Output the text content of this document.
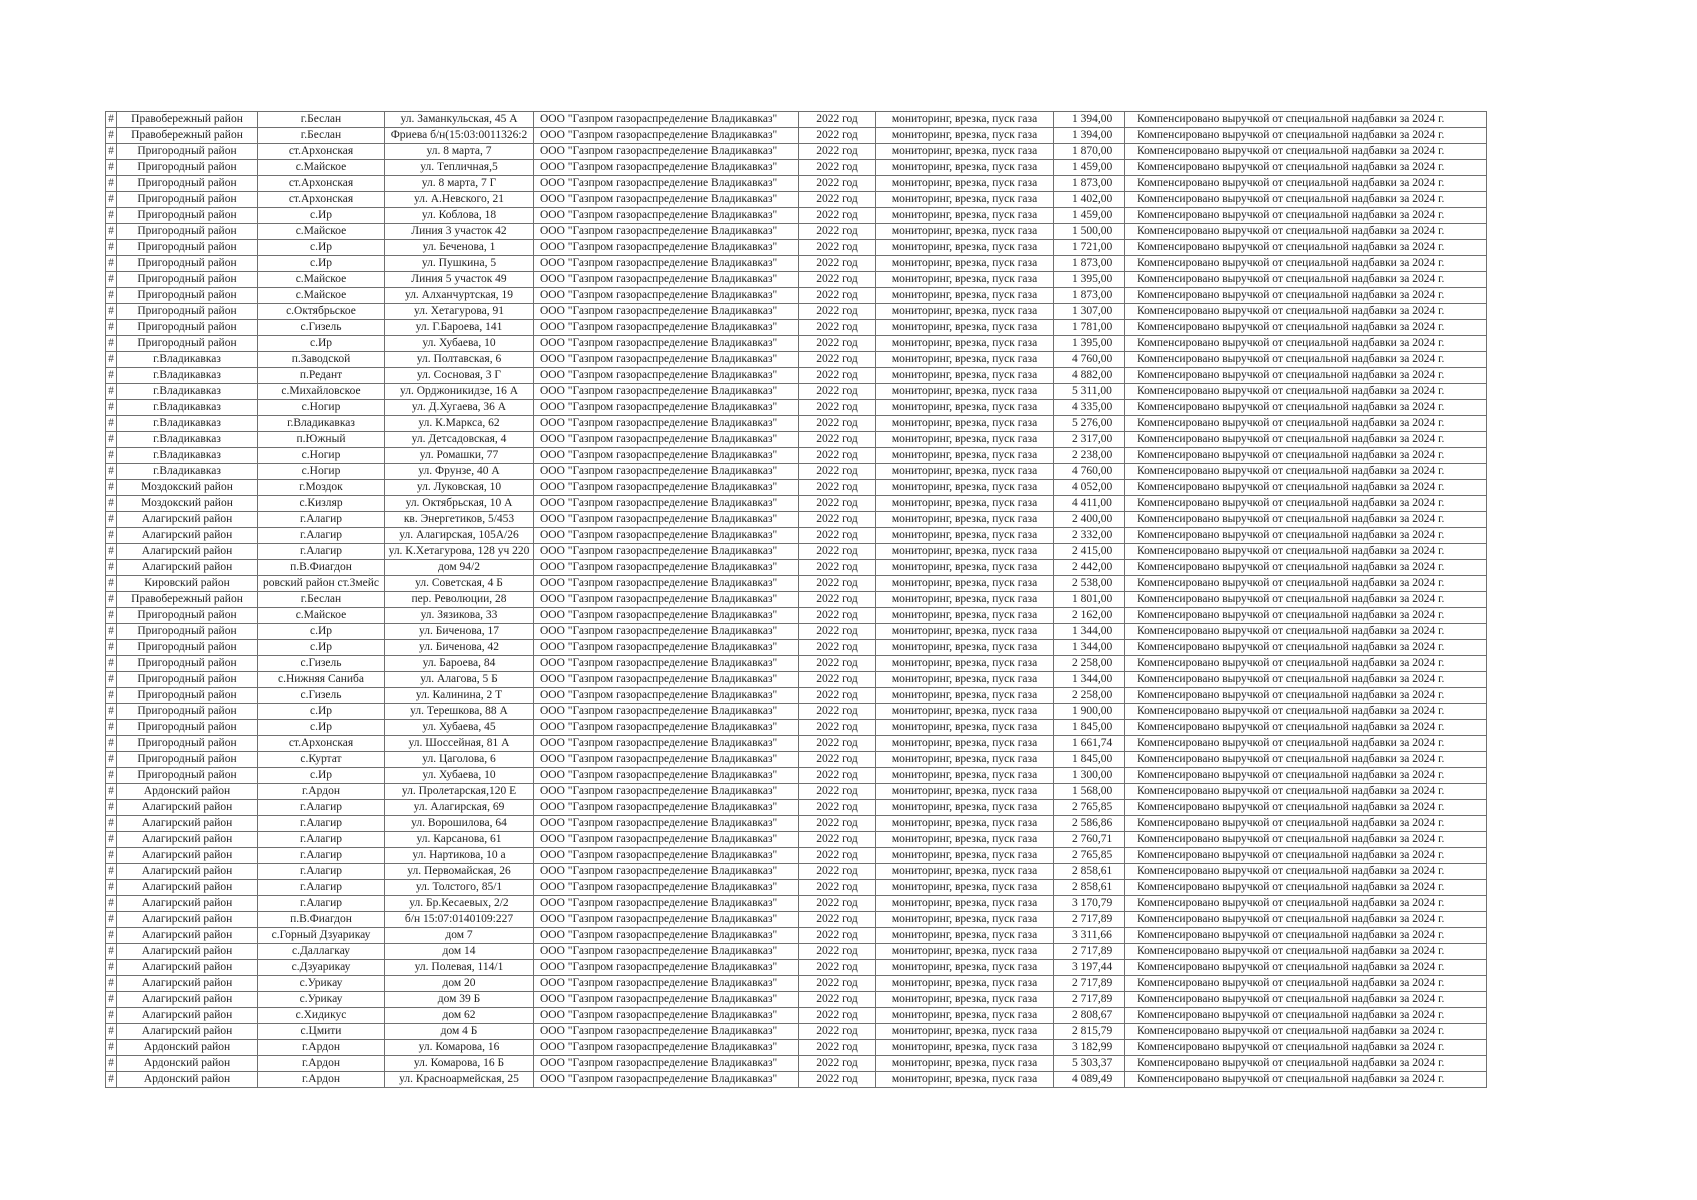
#	Правобережный район	г.Беслан	ул. Заманкульская, 45 А	ООО "Газпром газораспределение Владикавказ"	2022 год	мониторинг, врезка, пуск газа	1 394,00	Компенсировано выручкой от специальной надбавки за 2024 г.
#	Правобережный район	г.Беслан	Фриева б/н(15:03:0011326:2	ООО "Газпром газораспределение Владикавказ"	2022 год	мониторинг, врезка, пуск газа	1 394,00	Компенсировано выручкой от специальной надбавки за 2024 г.
#	Пригородный район	ст.Архонская	ул. 8 марта, 7	ООО "Газпром газораспределение Владикавказ"	2022 год	мониторинг, врезка, пуск газа	1 870,00	Компенсировано выручкой от специальной надбавки за 2024 г.
#	Пригородный район	с.Майское	ул. Тепличная,5	ООО "Газпром газораспределение Владикавказ"	2022 год	мониторинг, врезка, пуск газа	1 459,00	Компенсировано выручкой от специальной надбавки за 2024 г.
#	Пригородный район	ст.Архонская	ул. 8 марта, 7 Г	ООО "Газпром газораспределение Владикавказ"	2022 год	мониторинг, врезка, пуск газа	1 873,00	Компенсировано выручкой от специальной надбавки за 2024 г.
#	Пригородный район	ст.Архонская	ул. А.Невского, 21	ООО "Газпром газораспределение Владикавказ"	2022 год	мониторинг, врезка, пуск газа	1 402,00	Компенсировано выручкой от специальной надбавки за 2024 г.
#	Пригородный район	с.Ир	ул. Коблова, 18	ООО "Газпром газораспределение Владикавказ"	2022 год	мониторинг, врезка, пуск газа	1 459,00	Компенсировано выручкой от специальной надбавки за 2024 г.
#	Пригородный район	с.Майское	Линия 3 участок 42	ООО "Газпром газораспределение Владикавказ"	2022 год	мониторинг, врезка, пуск газа	1 500,00	Компенсировано выручкой от специальной надбавки за 2024 г.
#	Пригородный район	с.Ир	ул. Беченова, 1	ООО "Газпром газораспределение Владикавказ"	2022 год	мониторинг, врезка, пуск газа	1 721,00	Компенсировано выручкой от специальной надбавки за 2024 г.
#	Пригородный район	с.Ир	ул. Пушкина, 5	ООО "Газпром газораспределение Владикавказ"	2022 год	мониторинг, врезка, пуск газа	1 873,00	Компенсировано выручкой от специальной надбавки за 2024 г.
#	Пригородный район	с.Майское	Линия 5 участок 49	ООО "Газпром газораспределение Владикавказ"	2022 год	мониторинг, врезка, пуск газа	1 395,00	Компенсировано выручкой от специальной надбавки за 2024 г.
#	Пригородный район	с.Майское	ул. Алханчуртская, 19	ООО "Газпром газораспределение Владикавказ"	2022 год	мониторинг, врезка, пуск газа	1 873,00	Компенсировано выручкой от специальной надбавки за 2024 г.
#	Пригородный район	с.Октябрьское	ул. Хетагурова, 91	ООО "Газпром газораспределение Владикавказ"	2022 год	мониторинг, врезка, пуск газа	1 307,00	Компенсировано выручкой от специальной надбавки за 2024 г.
#	Пригородный район	с.Гизель	ул. Г.Бароева, 141	ООО "Газпром газораспределение Владикавказ"	2022 год	мониторинг, врезка, пуск газа	1 781,00	Компенсировано выручкой от специальной надбавки за 2024 г.
#	Пригородный район	с.Ир	ул. Хубаева, 10	ООО "Газпром газораспределение Владикавказ"	2022 год	мониторинг, врезка, пуск газа	1 395,00	Компенсировано выручкой от специальной надбавки за 2024 г.
#	г.Владикавказ	п.Заводской	ул. Полтавская, 6	ООО "Газпром газораспределение Владикавказ"	2022 год	мониторинг, врезка, пуск газа	4 760,00	Компенсировано выручкой от специальной надбавки за 2024 г.
#	г.Владикавказ	п.Редант	ул. Сосновая, 3 Г	ООО "Газпром газораспределение Владикавказ"	2022 год	мониторинг, врезка, пуск газа	4 882,00	Компенсировано выручкой от специальной надбавки за 2024 г.
#	г.Владикавказ	с.Михайловское	ул. Орджоникидзе, 16 А	ООО "Газпром газораспределение Владикавказ"	2022 год	мониторинг, врезка, пуск газа	5 311,00	Компенсировано выручкой от специальной надбавки за 2024 г.
#	г.Владикавказ	с.Ногир	ул. Д.Хугаева, 36 А	ООО "Газпром газораспределение Владикавказ"	2022 год	мониторинг, врезка, пуск газа	4 335,00	Компенсировано выручкой от специальной надбавки за 2024 г.
#	г.Владикавказ	г.Владикавказ	ул. К.Маркса, 62	ООО "Газпром газораспределение Владикавказ"	2022 год	мониторинг, врезка, пуск газа	5 276,00	Компенсировано выручкой от специальной надбавки за 2024 г.
#	г.Владикавказ	п.Южный	ул. Детсадовская, 4	ООО "Газпром газораспределение Владикавказ"	2022 год	мониторинг, врезка, пуск газа	2 317,00	Компенсировано выручкой от специальной надбавки за 2024 г.
#	г.Владикавказ	с.Ногир	ул. Ромашки, 77	ООО "Газпром газораспределение Владикавказ"	2022 год	мониторинг, врезка, пуск газа	2 238,00	Компенсировано выручкой от специальной надбавки за 2024 г.
#	г.Владикавказ	с.Ногир	ул. Фрунзе, 40 А	ООО "Газпром газораспределение Владикавказ"	2022 год	мониторинг, врезка, пуск газа	4 760,00	Компенсировано выручкой от специальной надбавки за 2024 г.
#	Моздокский район	г.Моздок	ул. Луковская, 10	ООО "Газпром газораспределение Владикавказ"	2022 год	мониторинг, врезка, пуск газа	4 052,00	Компенсировано выручкой от специальной надбавки за 2024 г.
#	Моздокский район	с.Кизляр	ул. Октябрьская, 10 А	ООО "Газпром газораспределение Владикавказ"	2022 год	мониторинг, врезка, пуск газа	4 411,00	Компенсировано выручкой от специальной надбавки за 2024 г.
#	Алагирский район	г.Алагир	кв. Энергетиков, 5/453	ООО "Газпром газораспределение Владикавказ"	2022 год	мониторинг, врезка, пуск газа	2 400,00	Компенсировано выручкой от специальной надбавки за 2024 г.
#	Алагирский район	г.Алагир	ул. Алагирская, 105А/26	ООО "Газпром газораспределение Владикавказ"	2022 год	мониторинг, врезка, пуск газа	2 332,00	Компенсировано выручкой от специальной надбавки за 2024 г.
#	Алагирский район	г.Алагир	ул. К.Хетагурова, 128 уч 220	ООО "Газпром газораспределение Владикавказ"	2022 год	мониторинг, врезка, пуск газа	2 415,00	Компенсировано выручкой от специальной надбавки за 2024 г.
#	Алагирский район	п.В.Фиагдон	дом 94/2	ООО "Газпром газораспределение Владикавказ"	2022 год	мониторинг, врезка, пуск газа	2 442,00	Компенсировано выручкой от специальной надбавки за 2024 г.
#	Кировский район	ровский район ст.Змейс	ул. Советская, 4 Б	ООО "Газпром газораспределение Владикавказ"	2022 год	мониторинг, врезка, пуск газа	2 538,00	Компенсировано выручкой от специальной надбавки за 2024 г.
#	Правобережный район	г.Беслан	пер. Революции, 28	ООО "Газпром газораспределение Владикавказ"	2022 год	мониторинг, врезка, пуск газа	1 801,00	Компенсировано выручкой от специальной надбавки за 2024 г.
#	Пригородный район	с.Майское	ул. Зязикова, 33	ООО "Газпром газораспределение Владикавказ"	2022 год	мониторинг, врезка, пуск газа	2 162,00	Компенсировано выручкой от специальной надбавки за 2024 г.
#	Пригородный район	с.Ир	ул. Биченова, 17	ООО "Газпром газораспределение Владикавказ"	2022 год	мониторинг, врезка, пуск газа	1 344,00	Компенсировано выручкой от специальной надбавки за 2024 г.
#	Пригородный район	с.Ир	ул. Биченова, 42	ООО "Газпром газораспределение Владикавказ"	2022 год	мониторинг, врезка, пуск газа	1 344,00	Компенсировано выручкой от специальной надбавки за 2024 г.
#	Пригородный район	с.Гизель	ул. Бароева, 84	ООО "Газпром газораспределение Владикавказ"	2022 год	мониторинг, врезка, пуск газа	2 258,00	Компенсировано выручкой от специальной надбавки за 2024 г.
#	Пригородный район	с.Нижняя Саниба	ул. Алагова, 5 Б	ООО "Газпром газораспределение Владикавказ"	2022 год	мониторинг, врезка, пуск газа	1 344,00	Компенсировано выручкой от специальной надбавки за 2024 г.
#	Пригородный район	с.Гизель	ул. Калинина, 2 Т	ООО "Газпром газораспределение Владикавказ"	2022 год	мониторинг, врезка, пуск газа	2 258,00	Компенсировано выручкой от специальной надбавки за 2024 г.
#	Пригородный район	с.Ир	ул. Терешкова, 88 А	ООО "Газпром газораспределение Владикавказ"	2022 год	мониторинг, врезка, пуск газа	1 900,00	Компенсировано выручкой от специальной надбавки за 2024 г.
#	Пригородный район	с.Ир	ул. Хубаева, 45	ООО "Газпром газораспределение Владикавказ"	2022 год	мониторинг, врезка, пуск газа	1 845,00	Компенсировано выручкой от специальной надбавки за 2024 г.
#	Пригородный район	ст.Архонская	ул. Шоссейная, 81 А	ООО "Газпром газораспределение Владикавказ"	2022 год	мониторинг, врезка, пуск газа	1 661,74	Компенсировано выручкой от специальной надбавки за 2024 г.
#	Пригородный район	с.Куртат	ул. Цаголова, 6	ООО "Газпром газораспределение Владикавказ"	2022 год	мониторинг, врезка, пуск газа	1 845,00	Компенсировано выручкой от специальной надбавки за 2024 г.
#	Пригородный район	с.Ир	ул. Хубаева, 10	ООО "Газпром газораспределение Владикавказ"	2022 год	мониторинг, врезка, пуск газа	1 300,00	Компенсировано выручкой от специальной надбавки за 2024 г.
#	Ардонский район	г.Ардон	ул. Пролетарская,120 Е	ООО "Газпром газораспределение Владикавказ"	2022 год	мониторинг, врезка, пуск газа	1 568,00	Компенсировано выручкой от специальной надбавки за 2024 г.
#	Алагирский район	г.Алагир	ул. Алагирская, 69	ООО "Газпром газораспределение Владикавказ"	2022 год	мониторинг, врезка, пуск газа	2 765,85	Компенсировано выручкой от специальной надбавки за 2024 г.
#	Алагирский район	г.Алагир	ул. Ворошилова, 64	ООО "Газпром газораспределение Владикавказ"	2022 год	мониторинг, врезка, пуск газа	2 586,86	Компенсировано выручкой от специальной надбавки за 2024 г.
#	Алагирский район	г.Алагир	ул. Карсанова, 61	ООО "Газпром газораспределение Владикавказ"	2022 год	мониторинг, врезка, пуск газа	2 760,71	Компенсировано выручкой от специальной надбавки за 2024 г.
#	Алагирский район	г.Алагир	ул. Нартикова, 10 а	ООО "Газпром газораспределение Владикавказ"	2022 год	мониторинг, врезка, пуск газа	2 765,85	Компенсировано выручкой от специальной надбавки за 2024 г.
#	Алагирский район	г.Алагир	ул. Первомайская, 26	ООО "Газпром газораспределение Владикавказ"	2022 год	мониторинг, врезка, пуск газа	2 858,61	Компенсировано выручкой от специальной надбавки за 2024 г.
#	Алагирский район	г.Алагир	ул. Толстого, 85/1	ООО "Газпром газораспределение Владикавказ"	2022 год	мониторинг, врезка, пуск газа	2 858,61	Компенсировано выручкой от специальной надбавки за 2024 г.
#	Алагирский район	г.Алагир	ул. Бр.Кесаевых, 2/2	ООО "Газпром газораспределение Владикавказ"	2022 год	мониторинг, врезка, пуск газа	3 170,79	Компенсировано выручкой от специальной надбавки за 2024 г.
#	Алагирский район	п.В.Фиагдон	б/н 15:07:0140109:227	ООО "Газпром газораспределение Владикавказ"	2022 год	мониторинг, врезка, пуск газа	2 717,89	Компенсировано выручкой от специальной надбавки за 2024 г.
#	Алагирский район	с.Горный Дзуарикау	дом 7	ООО "Газпром газораспределение Владикавказ"	2022 год	мониторинг, врезка, пуск газа	3 311,66	Компенсировано выручкой от специальной надбавки за 2024 г.
#	Алагирский район	с.Даллагкау	дом 14	ООО "Газпром газораспределение Владикавказ"	2022 год	мониторинг, врезка, пуск газа	2 717,89	Компенсировано выручкой от специальной надбавки за 2024 г.
#	Алагирский район	с.Дзуарикау	ул. Полевая, 114/1	ООО "Газпром газораспределение Владикавказ"	2022 год	мониторинг, врезка, пуск газа	3 197,44	Компенсировано выручкой от специальной надбавки за 2024 г.
#	Алагирский район	с.Урикау	дом 20	ООО "Газпром газораспределение Владикавказ"	2022 год	мониторинг, врезка, пуск газа	2 717,89	Компенсировано выручкой от специальной надбавки за 2024 г.
#	Алагирский район	с.Урикау	дом 39 Б	ООО "Газпром газораспределение Владикавказ"	2022 год	мониторинг, врезка, пуск газа	2 717,89	Компенсировано выручкой от специальной надбавки за 2024 г.
#	Алагирский район	с.Хидикус	дом 62	ООО "Газпром газораспределение Владикавказ"	2022 год	мониторинг, врезка, пуск газа	2 808,67	Компенсировано выручкой от специальной надбавки за 2024 г.
#	Алагирский район	с.Цмити	дом 4 Б	ООО "Газпром газораспределение Владикавказ"	2022 год	мониторинг, врезка, пуск газа	2 815,79	Компенсировано выручкой от специальной надбавки за 2024 г.
#	Ардонский район	г.Ардон	ул. Комарова, 16	ООО "Газпром газораспределение Владикавказ"	2022 год	мониторинг, врезка, пуск газа	3 182,99	Компенсировано выручкой от специальной надбавки за 2024 г.
#	Ардонский район	г.Ардон	ул. Комарова, 16 Б	ООО "Газпром газораспределение Владикавказ"	2022 год	мониторинг, врезка, пуск газа	5 303,37	Компенсировано выручкой от специальной надбавки за 2024 г.
#	Ардонский район	г.Ардон	ул. Красноармейская, 25	ООО "Газпром газораспределение Владикавказ"	2022 год	мониторинг, врезка, пуск газа	4 089,49	Компенсировано выручкой от специальной надбавки за 2024 г.
